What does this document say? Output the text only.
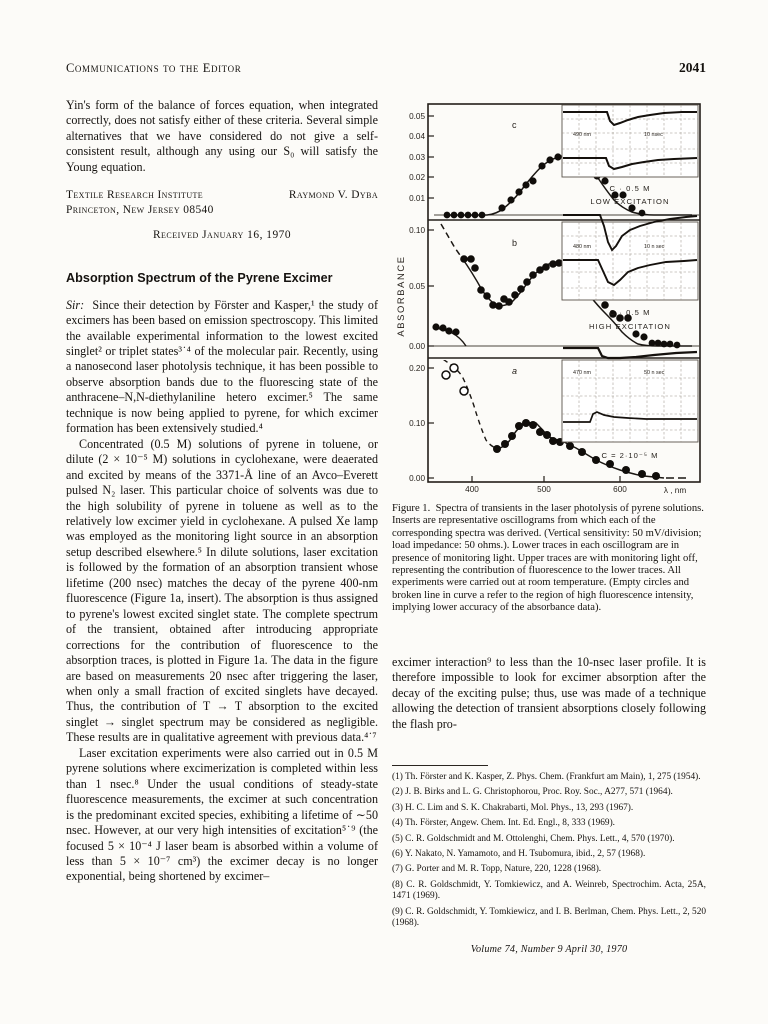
Communications to the Editor	2041

Yin's form of the balance of forces equation, when integrated correctly, does not satisfy either of these criteria. Several simple alternatives that we have considered do not give a self-consistent result, although any using our S₀ will satisfy the Young equation.

Textile Research Institute	Raymond V. Dyba
Princeton, New Jersey 08540
Received January 16, 1970
Absorption Spectrum of the Pyrene Excimer

Sir: Since their detection by Förster and Kasper,¹ the study of excimers has been based on emission spectroscopy. This limited the available experimental information to the lowest excited singlet² or triplet states³˙⁴ of the molecular pair. Recently, using a nanosecond laser photolysis technique, it has been possible to observe absorption bands due to the fluorescing state of the anthracene–N,N-diethylaniline hetero excimer.⁵ The same technique is now being applied to pyrene, for which excimer formation has been extensively studied.⁴

Concentrated (0.5 M) solutions of pyrene in toluene, or dilute (2 × 10⁻⁵ M) solutions in cyclohexane, were deaerated and excited by means of the 3371-Å line of an Avco–Everett pulsed N₂ laser. This particular choice of solvents was due to the high solubility of pyrene in toluene as well as to the relatively low excimer yield in cyclohexane. A pulsed Xe lamp was employed as the monitoring light source in an absorption setup described elsewhere.⁵ In dilute solutions, laser excitation is followed by the formation of an absorption transient whose lifetime (200 nsec) matches the decay of the pyrene 400-nm fluorescence (Figure 1a, insert). The absorption is thus assigned to pyrene's lowest excited singlet state. The complete spectrum of the transient, obtained after introducing appropriate corrections for the contribution of fluorescence to the absorption traces, is plotted in Figure 1a. The data in the figure are based on measurements 20 nsec after triggering the laser, when only a small fraction of excited singlets have decayed. Thus, the contribution of T → T absorption to the excited singlet → singlet spectrum may be considered as negligible. These results are in qualitative agreement with previous data.⁴˙⁷

Laser excitation experiments were also carried out in 0.5 M pyrene solutions where excimerization is completed within less than 1 nsec.⁸ Under the usual conditions of steady-state fluorescence measurements, the excimer at such concentration is the predominant excited species, exhibiting a lifetime of ∼50 nsec. However, at our very high intensities of excitation⁵˙⁹ (the focused 5 × 10⁻⁴ J laser beam is absorbed within a volume of less than 5 × 10⁻⁷ cm³) the excimer decay is no longer exponential, being shortened by excimer–

ABSORBANCE
0.05
0.04
0.03
0.02
0.01
c
490 nm	10 nsec
C · 0.5 M
LOW EXCITATION
0.10
0.05
0.00
b	480 nm	10 n sec
C · 0.5 M
HIGH EXCITATION
0.20
0.10
0.00
a	470 nm	50 n sec
C = 2·10⁻⁵ M
400	500	600	λ , nm
Figure 1. Spectra of transients in the laser photolysis of pyrene solutions. Inserts are representative oscillograms from which each of the corresponding spectra was derived. (Vertical sensitivity: 50 mV/division; load impedance: 50 ohms.). Lower traces in each oscillogram are in presence of monitoring light. Upper traces are with monitoring light off, representing the contribution of fluorescence to the lower traces. All experiments were carried out at room temperature. (Empty circles and broken line in curve a refer to the region of high fluorescence intensity, implying lower accuracy of the absorbance data).

excimer interaction⁹ to less than the 10-nsec laser profile. It is therefore impossible to look for excimer absorption after the decay of the exciting pulse; thus, use was made of a technique allowing the detection of transient absorptions closely following the flash pro-

(1) Th. Förster and K. Kasper, Z. Phys. Chem. (Frankfurt am Main), 1, 275 (1954).

(2) J. B. Birks and L. G. Christophorou, Proc. Roy. Soc., A277, 571 (1964).

(3) H. C. Lim and S. K. Chakrabarti, Mol. Phys., 13, 293 (1967).

(4) Th. Förster, Angew. Chem. Int. Ed. Engl., 8, 333 (1969).

(5) C. R. Goldschmidt and M. Ottolenghi, Chem. Phys. Lett., 4, 570 (1970).

(6) Y. Nakato, N. Yamamoto, and H. Tsubomura, ibid., 2, 57 (1968).

(7) G. Porter and M. R. Topp, Nature, 220, 1228 (1968).

(8) C. R. Goldschmidt, Y. Tomkiewicz, and A. Weinreb, Spectrochim. Acta, 25A, 1471 (1969).

(9) C. R. Goldschmidt, Y. Tomkiewicz, and I. B. Berlman, Chem. Phys. Lett., 2, 520 (1968).

Volume 74, Number 9 April 30, 1970
